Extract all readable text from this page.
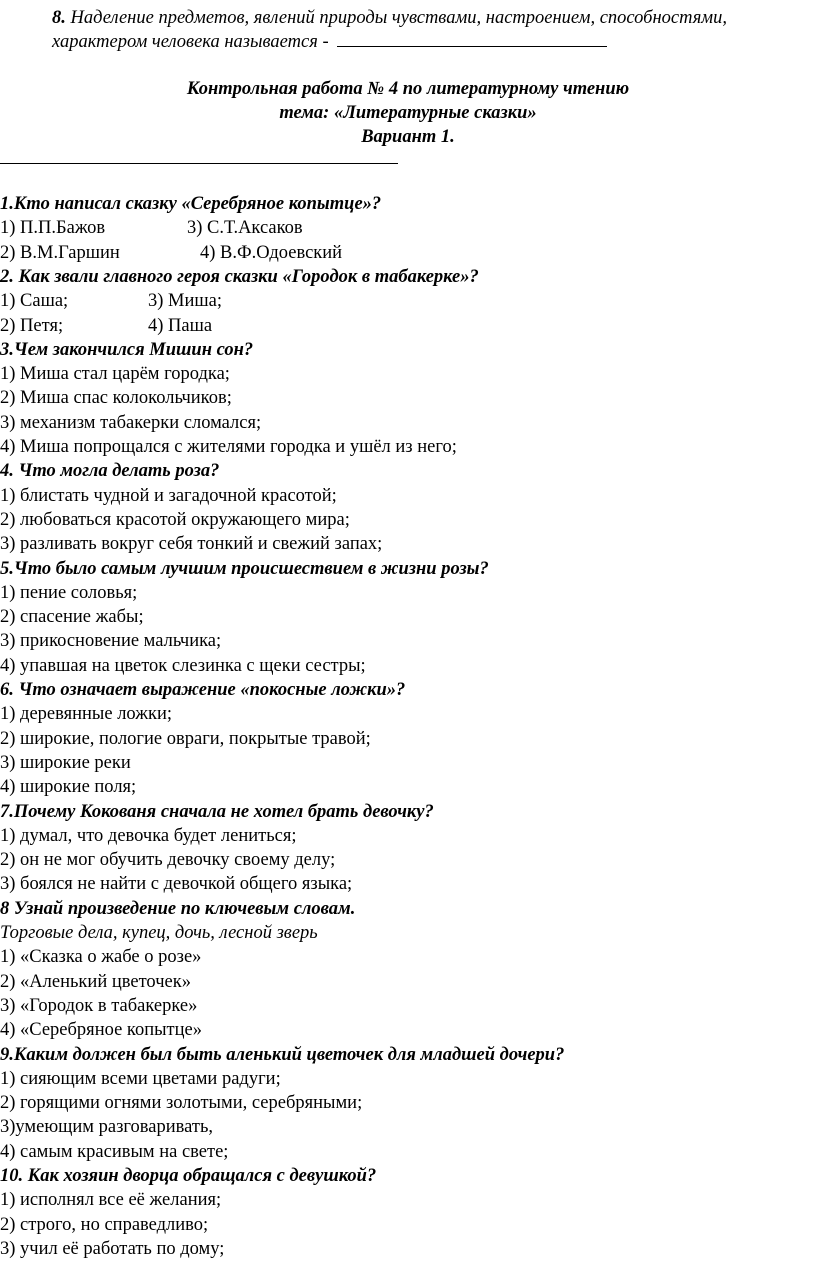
8. Наделение предметов, явлений природы чувствами, настроением, способностями,
характером человека называется -
Контрольная работа № 4 по литературному чтению
тема: «Литературные сказки»
Вариант 1.
1.Кто написал сказку «Серебряное копытце»?
1) П.П.Бажов	3) С.Т.Аксаков
2) В.М.Гаршин	4) В.Ф.Одоевский
2. Как звали главного героя сказки «Городок в табакерке»?
1) Саша;	3) Миша;
2) Петя;	4) Паша
3.Чем закончился Мишин сон?
1) Миша стал царём городка;
2) Миша спас колокольчиков;
3) механизм табакерки сломался;
4) Миша попрощался с жителями городка и ушёл из него;
4. Что могла делать роза?
1) блистать чудной и загадочной красотой;
2) любоваться красотой окружающего мира;
3) разливать вокруг себя тонкий и свежий запах;
5.Что было самым лучшим происшествием в жизни розы?
1) пение соловья;
2) спасение жабы;
3) прикосновение мальчика;
4) упавшая на цветок слезинка с щеки сестры;
6. Что означает выражение «покосные ложки»?
1) деревянные ложки;
2) широкие, пологие овраги, покрытые травой;
3) широкие реки
4) широкие поля;
7.Почему Кокованя сначала не хотел брать девочку?
1) думал, что девочка будет лениться;
2) он не мог обучить девочку своему делу;
3) боялся не найти с девочкой общего языка;
8 Узнай произведение по ключевым словам.
Торговые дела, купец, дочь, лесной зверь
1) «Сказка о жабе о розе»
2) «Аленький цветочек»
3) «Городок в табакерке»
4) «Серебряное копытце»
9.Каким должен был быть аленький цветочек для младшей дочери?
1) сияющим всеми цветами радуги;
2) горящими огнями золотыми, серебряными;
3)умеющим разговаривать,
4) самым красивым на свете;
10. Как хозяин дворца обращался с девушкой?
1) исполнял все её желания;
2) строго, но справедливо;
3) учил её работать по дому;
